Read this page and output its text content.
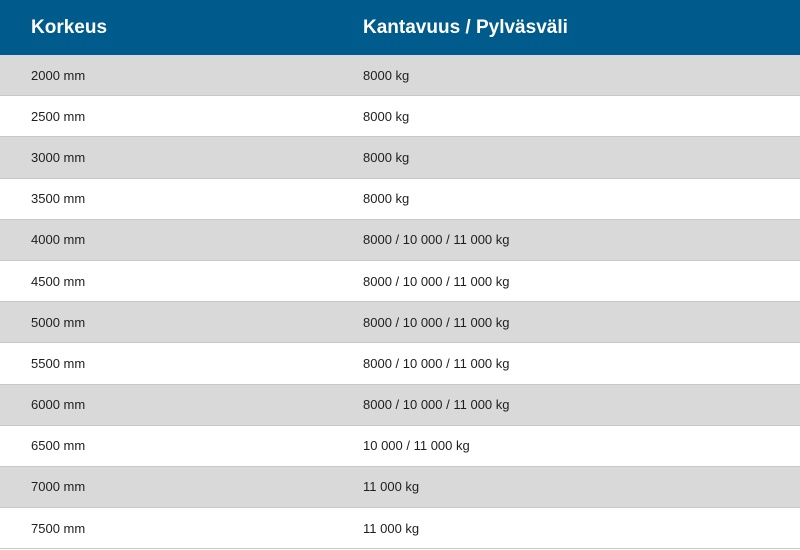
Korkeus	Kantavuus / Pylväsväli
2000 mm	8000 kg
2500 mm	8000 kg
3000 mm	8000 kg
3500 mm	8000 kg
4000 mm	8000 / 10 000 / 11 000 kg
4500 mm	8000 / 10 000 / 11 000 kg
5000 mm	8000 / 10 000 / 11 000 kg
5500 mm	8000 / 10 000 / 11 000 kg
6000 mm	8000 / 10 000 / 11 000 kg
6500 mm	10 000 / 11 000 kg
7000 mm	11 000 kg
7500 mm	11 000 kg
